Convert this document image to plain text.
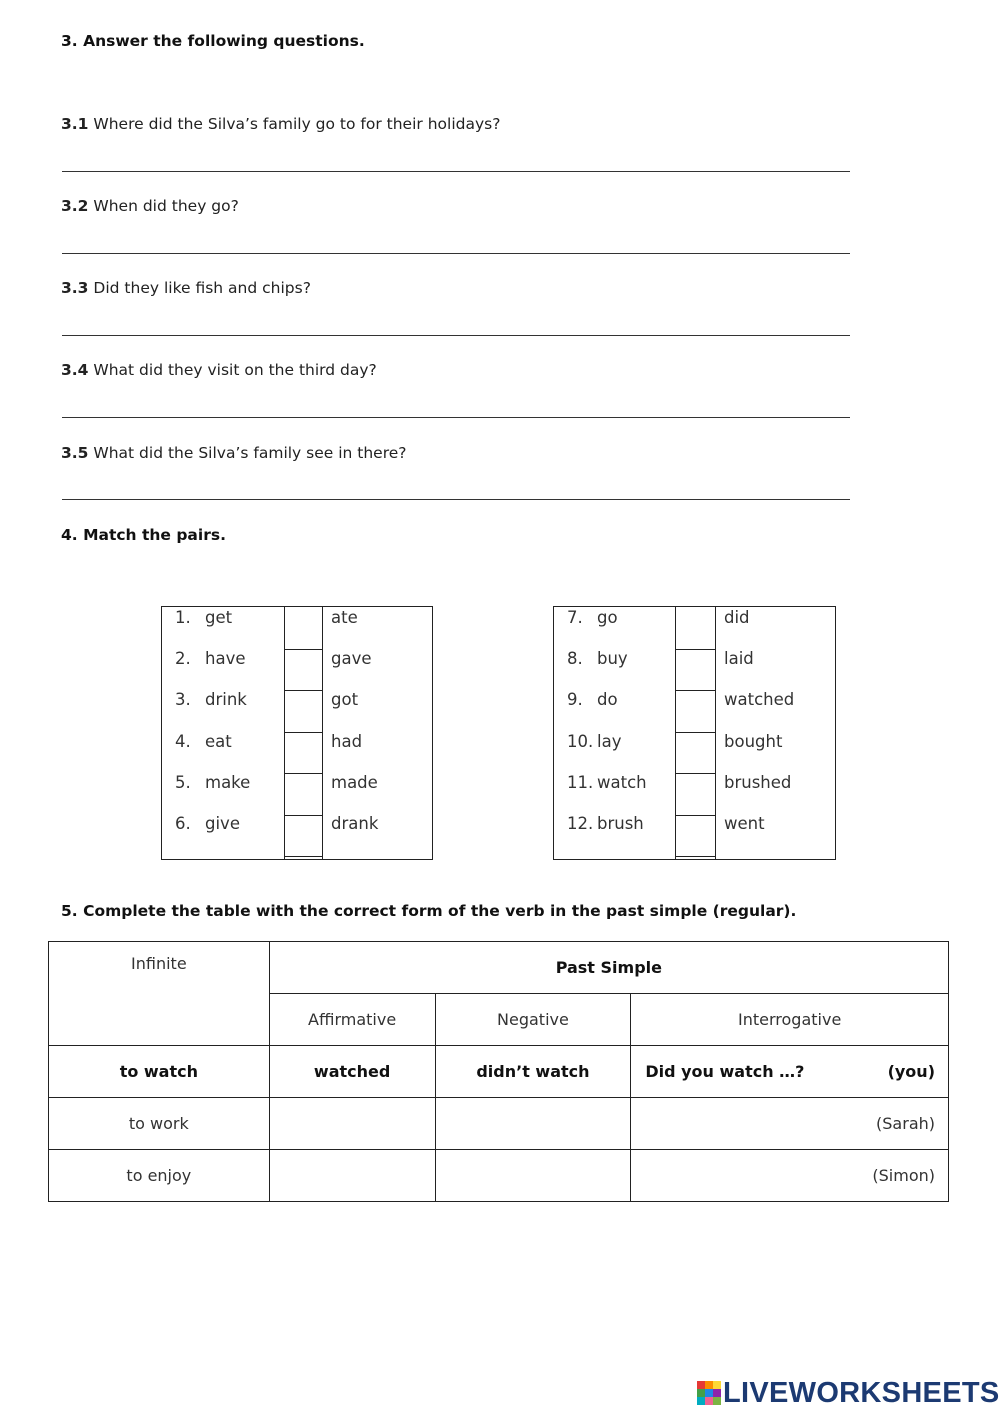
3. Answer the following questions.
3.1 Where did the Silva’s family go to for their holidays?
3.2 When did they go?
3.3 Did they like fish and chips?
3.4 What did they visit on the third day?
3.5 What did the Silva’s family see in there?
4. Match the pairs.
1. get	ate
2. have	gave
3. drink	got
4. eat	had
5. make	made
6. give	drank
7. go	did
8. buy	laid
9. do	watched
10. lay	bought
11. watch	brushed
12. brush	went
5. Complete the table with the correct form of the verb in the past simple (regular).
Infinite	Past Simple		
	Affirmative	Negative	Interrogative
to watch	watched	didn’t watch	Did you watch …? (you)

to work			(Sarah)

to enjoy			(Simon)
LIVEWORKSHEETS
